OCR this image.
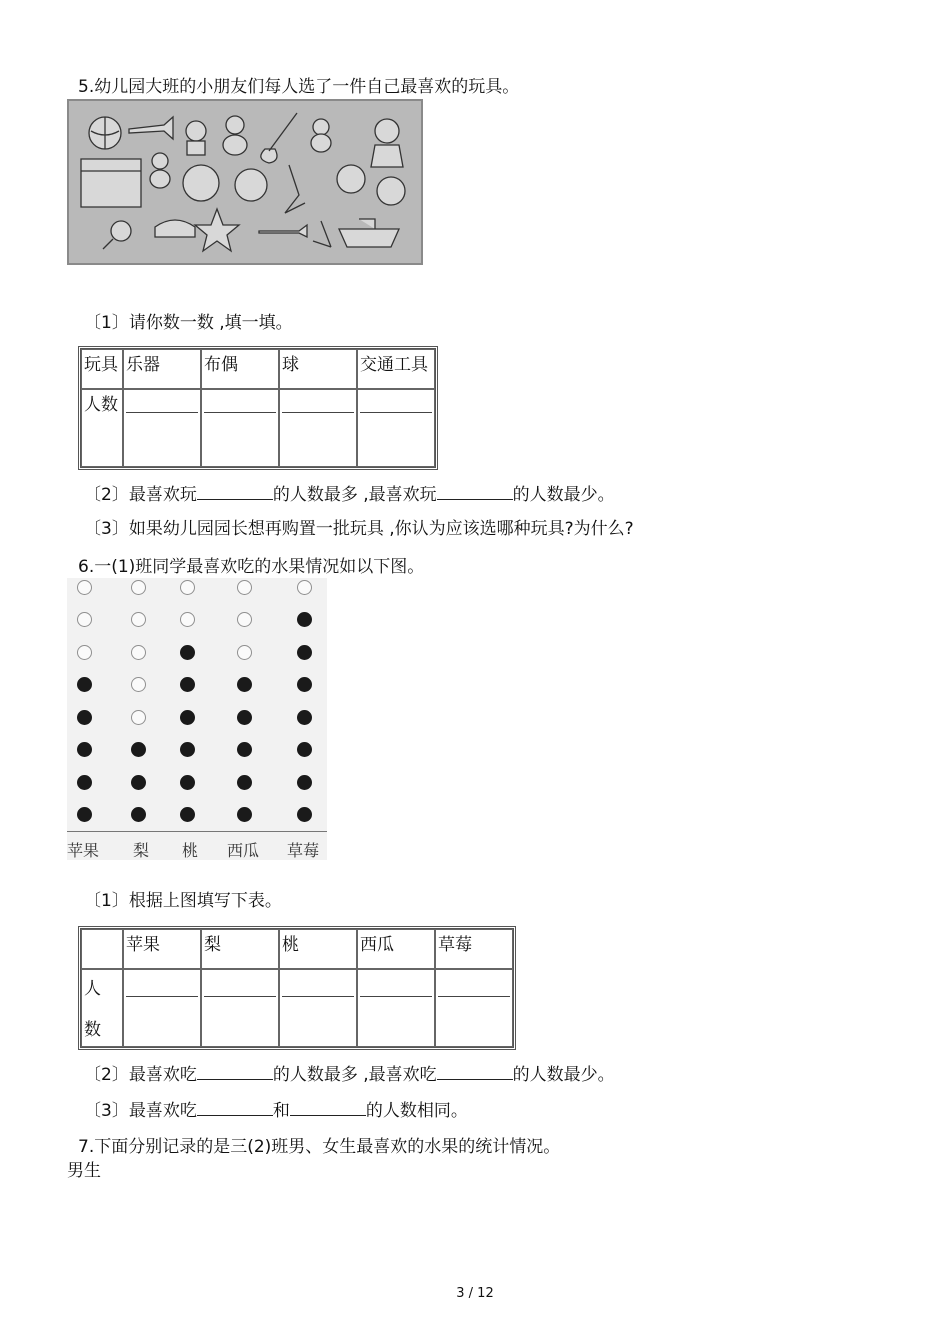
5.幼儿园大班的小朋友们每人选了一件自己最喜欢的玩具。
〔1〕请你数一数 ,填一填。
玩具	乐器	布偶	球	交通工具
人数	

〔2〕最喜欢玩	的人数最多 ,最喜欢玩	的人数最少。
〔3〕如果幼儿园园长想再购置一批玩具 ,你认为应该选哪种玩具?为什么?
6.一(1)班同学最喜欢吃的水果情况如以下图。
〔1〕根据上图填写下表。
	苹果	梨	桃	西瓜	草莓

人
数					

〔2〕最喜欢吃	的人数最多 ,最喜欢吃	的人数最少。
〔3〕最喜欢吃	和	的人数相同。
7.下面分别记录的是三(2)班男、女生最喜欢的水果的统计情况。
男生
3 / 12
苹果 梨 桃 西瓜 草莓
